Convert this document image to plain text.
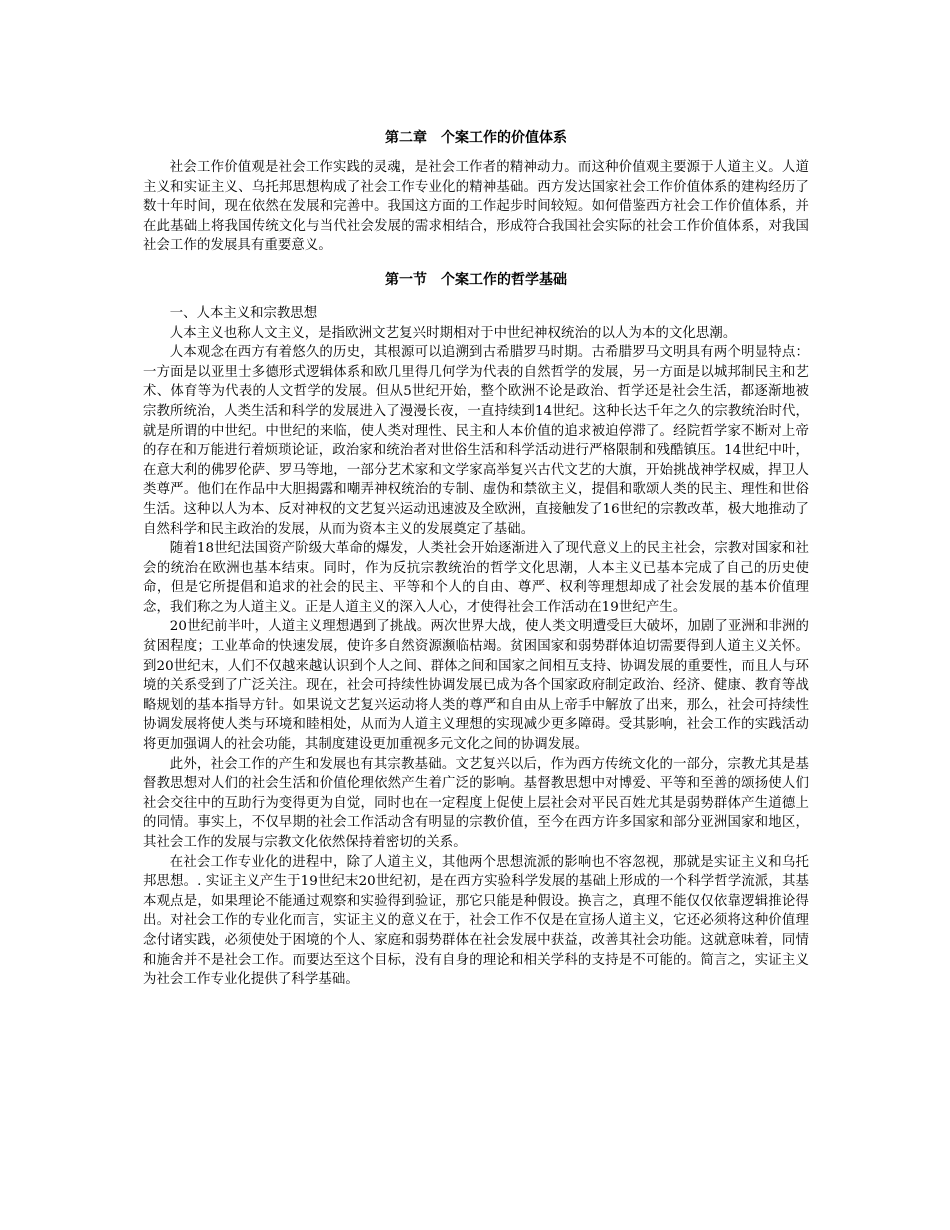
第二章　个案工作的价值体系

社会工作价值观是社会工作实践的灵魂，是社会工作者的精神动力。而这种价值观主要源于人道主义。人道主义和实证主义、乌托邦思想构成了社会工作专业化的精神基础。西方发达国家社会工作价值体系的建构经历了数十年时间，现在依然在发展和完善中。我国这方面的工作起步时间较短。如何借鉴西方社会工作价值体系，并在此基础上将我国传统文化与当代社会发展的需求相结合，形成符合我国社会实际的社会工作价值体系，对我国社会工作的发展具有重要意义。

第一节　个案工作的哲学基础
一、人本主义和宗教思想

人本主义也称人文主义，是指欧洲文艺复兴时期相对于中世纪神权统治的以人为本的文化思潮。

人本观念在西方有着悠久的历史，其根源可以追溯到古希腊罗马时期。古希腊罗马文明具有两个明显特点：一方面是以亚里士多德形式逻辑体系和欧几里得几何学为代表的自然哲学的发展，另一方面是以城邦制民主和艺术、体育等为代表的人文哲学的发展。但从5世纪开始，整个欧洲不论是政治、哲学还是社会生活，都逐渐地被宗教所统治，人类生活和科学的发展进入了漫漫长夜，一直持续到14世纪。这种长达千年之久的宗教统治时代，就是所谓的中世纪。中世纪的来临，使人类对理性、民主和人本价值的追求被迫停滞了。经院哲学家不断对上帝的存在和万能进行着烦琐论证，政治家和统治者对世俗生活和科学活动进行严格限制和残酷镇压。14世纪中叶，在意大利的佛罗伦萨、罗马等地，一部分艺术家和文学家高举复兴古代文艺的大旗，开始挑战神学权威，捍卫人类尊严。他们在作品中大胆揭露和嘲弄神权统治的专制、虚伪和禁欲主义，提倡和歌颂人类的民主、理性和世俗生活。这种以人为本、反对神权的文艺复兴运动迅速波及全欧洲，直接触发了16世纪的宗教改革，极大地推动了自然科学和民主政治的发展，从而为资本主义的发展奠定了基础。

随着18世纪法国资产阶级大革命的爆发，人类社会开始逐渐进入了现代意义上的民主社会，宗教对国家和社会的统治在欧洲也基本结束。同时，作为反抗宗教统治的哲学文化思潮，人本主义已基本完成了自己的历史使命，但是它所提倡和追求的社会的民主、平等和个人的自由、尊严、权利等理想却成了社会发展的基本价值理念，我们称之为人道主义。正是人道主义的深入人心，才使得社会工作活动在19世纪产生。

20世纪前半叶，人道主义理想遇到了挑战。两次世界大战，使人类文明遭受巨大破坏，加剧了亚洲和非洲的贫困程度；工业革命的快速发展，使许多自然资源濒临枯竭。贫困国家和弱势群体迫切需要得到人道主义关怀。到20世纪末，人们不仅越来越认识到个人之间、群体之间和国家之间相互支持、协调发展的重要性，而且人与环境的关系受到了广泛关注。现在，社会可持续性协调发展已成为各个国家政府制定政治、经济、健康、教育等战略规划的基本指导方针。如果说文艺复兴运动将人类的尊严和自由从上帝手中解放了出来，那么，社会可持续性协调发展将使人类与环境和睦相处，从而为人道主义理想的实现减少更多障碍。受其影响，社会工作的实践活动将更加强调人的社会功能，其制度建设更加重视多元文化之间的协调发展。

此外，社会工作的产生和发展也有其宗教基础。文艺复兴以后，作为西方传统文化的一部分，宗教尤其是基督教思想对人们的社会生活和价值伦理依然产生着广泛的影响。基督教思想中对博爱、平等和至善的颂扬使人们社会交往中的互助行为变得更为自觉，同时也在一定程度上促使上层社会对平民百姓尤其是弱势群体产生道德上的同情。事实上，不仅早期的社会工作活动含有明显的宗教价值，至今在西方许多国家和部分亚洲国家和地区，其社会工作的发展与宗教文化依然保持着密切的关系。

在社会工作专业化的进程中，除了人道主义，其他两个思想流派的影响也不容忽视，那就是实证主义和乌托邦思想。. 实证主义产生于19世纪末20世纪初，是在西方实验科学发展的基础上形成的一个科学哲学流派，其基本观点是，如果理论不能通过观察和实验得到验证，那它只能是种假设。换言之，真理不能仅仅依靠逻辑推论得出。对社会工作的专业化而言，实证主义的意义在于，社会工作不仅是在宣扬人道主义，它还必须将这种价值理念付诸实践，必须使处于困境的个人、家庭和弱势群体在社会发展中获益，改善其社会功能。这就意味着，同情和施舍并不是社会工作。而要达至这个目标，没有自身的理论和相关学科的支持是不可能的。简言之，实证主义为社会工作专业化提供了科学基础。
